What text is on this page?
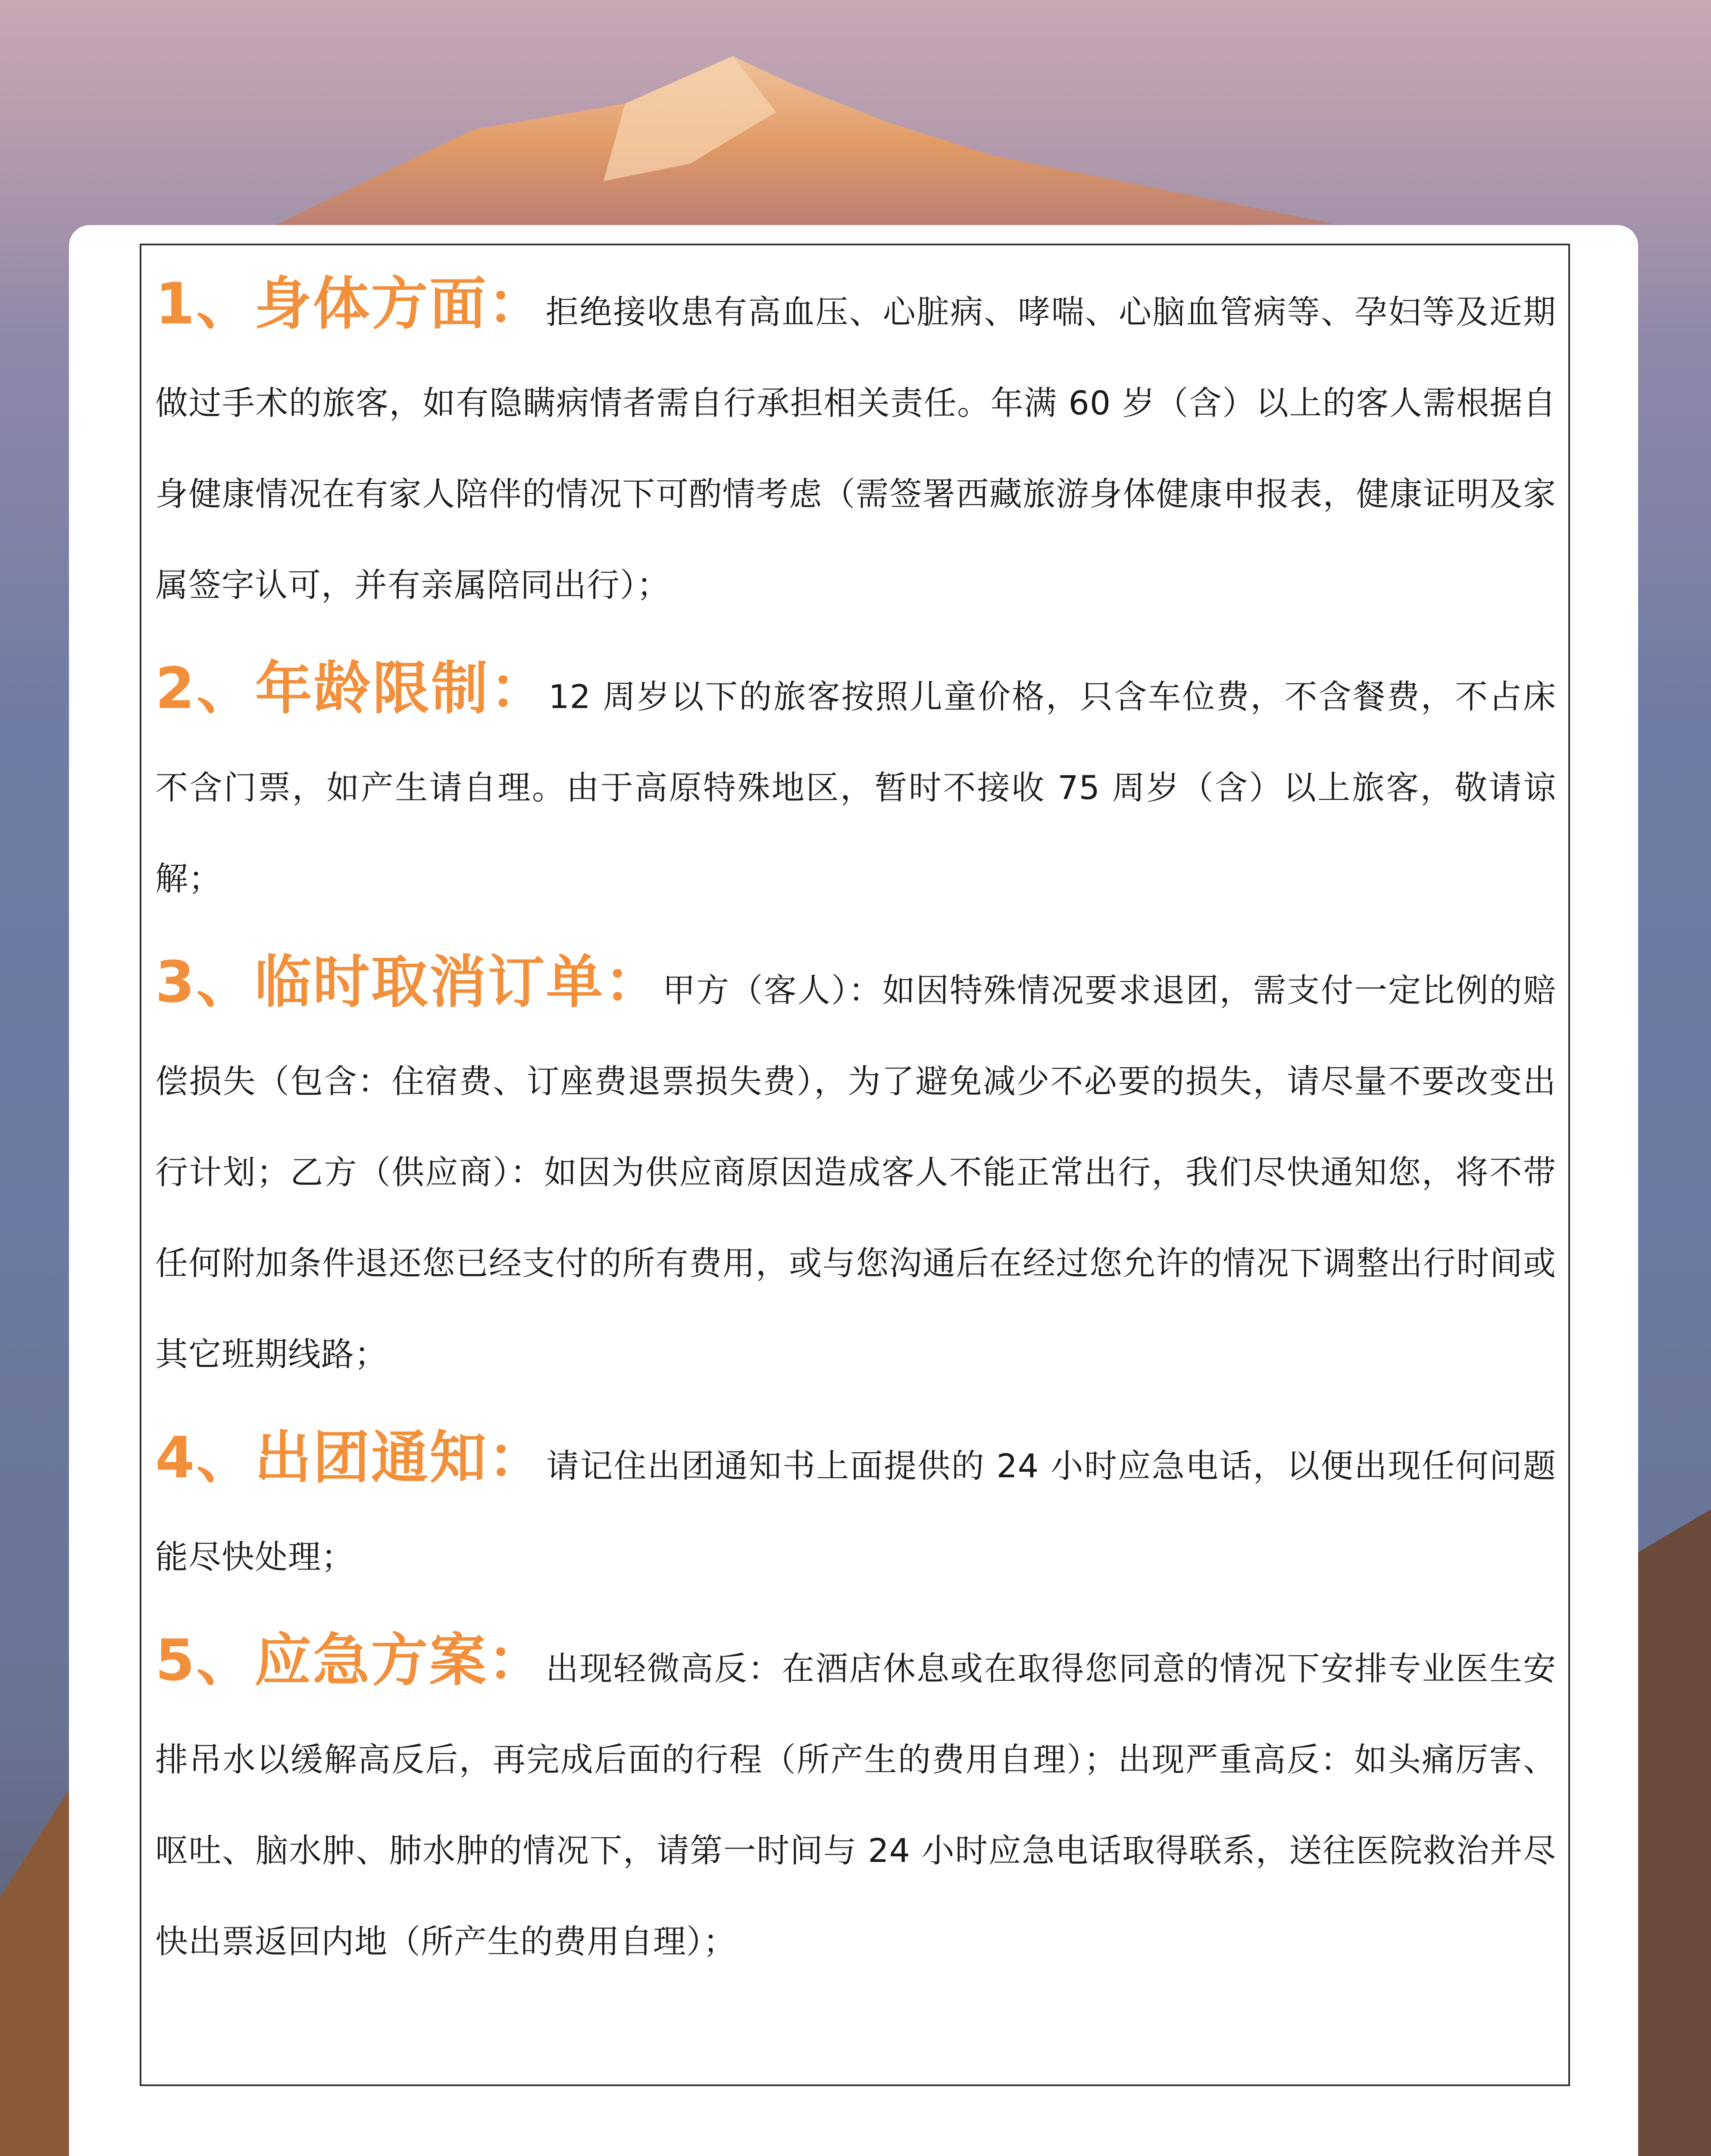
1、身体方面：拒绝接收患有高血压、心脏病、哮喘、心脑血管病等、孕妇等及近期做过手术的旅客，如有隐瞒病情者需自行承担相关责任。年满 60 岁（含）以上的客人需根据自身健康情况在有家人陪伴的情况下可酌情考虑（需签署西藏旅游身体健康申报表，健康证明及家属签字认可，并有亲属陪同出行）；

2、年龄限制：12 周岁以下的旅客按照儿童价格，只含车位费，不含餐费，不占床不含门票，如产生请自理。由于高原特殊地区，暂时不接收 75 周岁（含）以上旅客，敬请谅解；

3、临时取消订单：甲方（客人）：如因特殊情况要求退团，需支付一定比例的赔偿损失（包含：住宿费、订座费退票损失费），为了避免减少不必要的损失，请尽量不要改变出行计划；乙方（供应商）：如因为供应商原因造成客人不能正常出行，我们尽快通知您，将不带任何附加条件退还您已经支付的所有费用，或与您沟通后在经过您允许的情况下调整出行时间或其它班期线路；

4、出团通知：请记住出团通知书上面提供的 24 小时应急电话，以便出现任何问题能尽快处理；

5、应急方案：出现轻微高反：在酒店休息或在取得您同意的情况下安排专业医生安排吊水以缓解高反后，再完成后面的行程（所产生的费用自理）；出现严重高反：如头痛厉害、呕吐、脑水肿、肺水肿的情况下，请第一时间与 24 小时应急电话取得联系，送往医院救治并尽快出票返回内地（所产生的费用自理）；
